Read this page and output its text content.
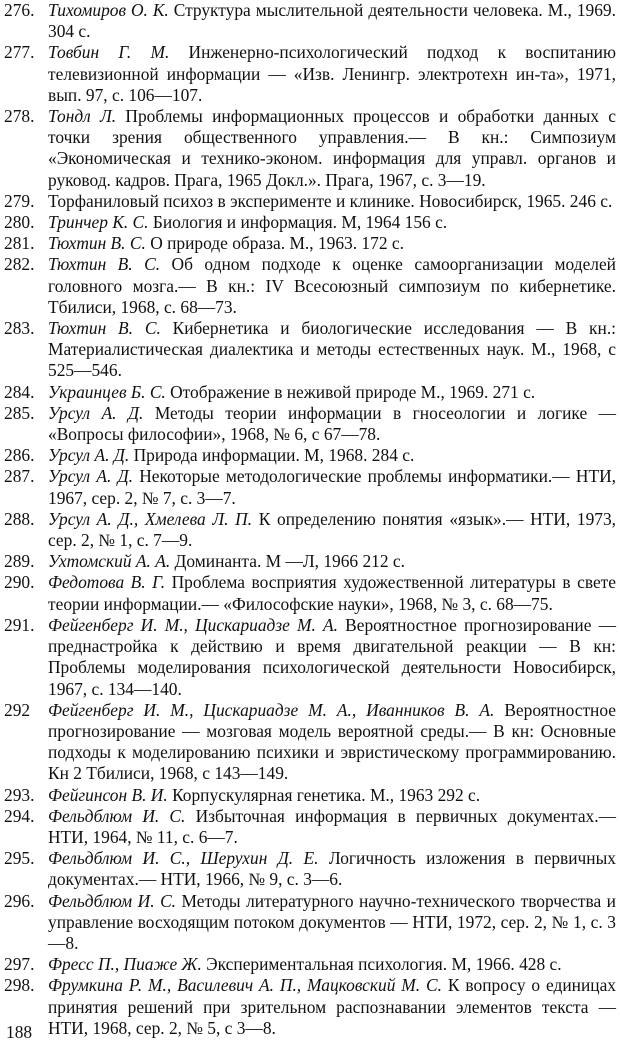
276. Тихомиров О. К. Структура мыслительной деятельности человека. М., 1969. 304 с.
277. Товбин Г. М. Инженерно-психологический подход к воспитанию телевизионной информации — «Изв. Ленингр. электротехн ин-та», 1971, вып. 97, с. 106—107.
278. Тондл Л. Проблемы информационных процессов и обработки данных с точки зрения общественного управления.— В кн.: Симпозиум «Экономическая и технико-эконом. информация для управл. органов и руковод. кадров. Прага, 1965 Докл.». Прага, 1967, с. 3—19.
279. Торфаниловый психоз в эксперименте и клинике. Новосибирск, 1965. 246 с.
280. Тринчер К. С. Биология и информация. М, 1964 156 с.
281. Тюхтин В. С. О природе образа. М., 1963. 172 с.
282. Тюхтин В. С. Об одном подходе к оценке самоорганизации моделей головного мозга.— В кн.: IV Всесоюзный симпозиум по кибернетике. Тбилиси, 1968, с. 68—73.
283. Тюхтин В. С. Кибернетика и биологические исследования — В кн.: Материалистическая диалектика и методы естественных наук. М., 1968, с 525—546.
284. Украинцев Б. С. Отображение в неживой природе М., 1969. 271 с.
285. Урсул А. Д. Методы теории информации в гносеологии и логике — «Вопросы философии», 1968, № 6, с 67—78.
286. Урсул А. Д. Природа информации. М, 1968. 284 с.
287. Урсул А. Д. Некоторые методологические проблемы информатики.— НТИ, 1967, сер. 2, № 7, с. 3—7.
288. Урсул А. Д., Хмелева Л. П. К определению понятия «язык».— НТИ, 1973, сер. 2, № 1, с. 7—9.
289. Ухтомский А. А. Доминанта. М —Л, 1966 212 с.
290. Федотова В. Г. Проблема восприятия художественной литературы в свете теории информации.— «Философские науки», 1968, № 3, с. 68—75.
291. Фейгенберг И. М., Цискариадзе М. А. Вероятностное прогнозирование — преднастройка к действию и время двигательной реакции — В кн: Проблемы моделирования психологической деятельности Новосибирск, 1967, с. 134—140.
292	Фейгенберг И. М., Цискариадзе М. А., Иванников В. А. Вероятностное прогнозирование — мозговая модель вероятной среды.— В кн: Основные подходы к моделированию психики и эвристическому программированию. Кн 2 Тбилиси, 1968, с 143—149.
293. Фейгинсон В. И. Корпускулярная генетика. М., 1963 292 с.
294. Фельдблюм И. С. Избыточная информация в первичных документах.— НТИ, 1964, № 11, с. 6—7.
295. Фельдблюм И. С., Шерухин Д. Е. Логичность изложения в первичных документах.— НТИ, 1966, № 9, с. 3—6.
296. Фельдблюм И. С. Методы литературного научно-технического творчества и управление восходящим потоком документов — НТИ, 1972, сер. 2, № 1, с. 3—8.
297. Фресс П., Пиаже Ж. Экспериментальная психология. М, 1966. 428 с.
298. Фрумкина Р. М., Василевич А. П., Мацковский М. С. К вопросу о единицах принятия решений при зрительном распознавании элементов текста — НТИ, 1968, сер. 2, № 5, с 3—8.
188
